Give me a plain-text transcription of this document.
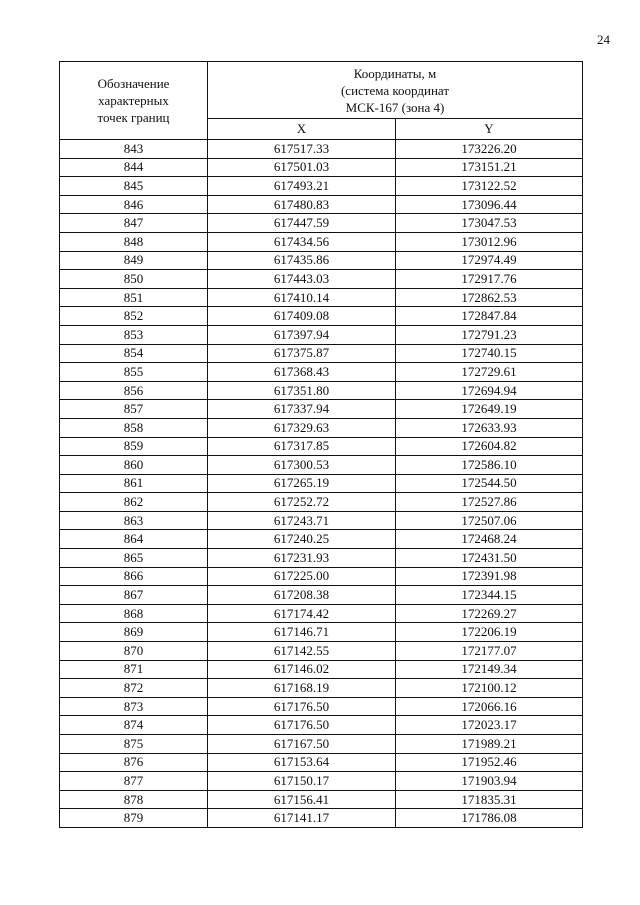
24
Обозначение
характерных
точек границ	Координаты, м
(система координат
МСК-167 (зона 4)	

	X	Y
843	617517.33	173226.20
844	617501.03	173151.21
845	617493.21	173122.52
846	617480.83	173096.44
847	617447.59	173047.53
848	617434.56	173012.96
849	617435.86	172974.49
850	617443.03	172917.76
851	617410.14	172862.53
852	617409.08	172847.84
853	617397.94	172791.23
854	617375.87	172740.15
855	617368.43	172729.61
856	617351.80	172694.94
857	617337.94	172649.19
858	617329.63	172633.93
859	617317.85	172604.82
860	617300.53	172586.10
861	617265.19	172544.50
862	617252.72	172527.86
863	617243.71	172507.06
864	617240.25	172468.24
865	617231.93	172431.50
866	617225.00	172391.98
867	617208.38	172344.15
868	617174.42	172269.27
869	617146.71	172206.19
870	617142.55	172177.07
871	617146.02	172149.34
872	617168.19	172100.12
873	617176.50	172066.16
874	617176.50	172023.17
875	617167.50	171989.21
876	617153.64	171952.46
877	617150.17	171903.94
878	617156.41	171835.31
879	617141.17	171786.08
